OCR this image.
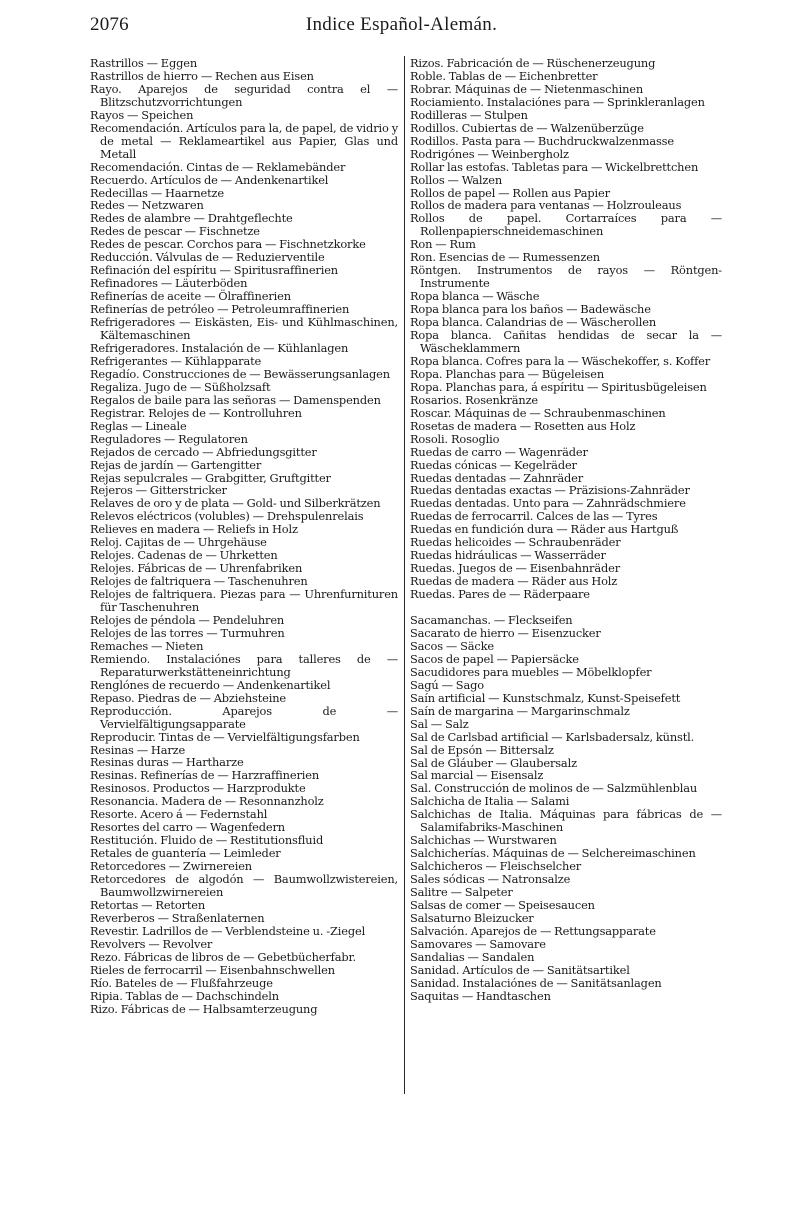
2076	Indice Español-Alemán.
Rastrillos — Eggen
Rastrillos de hierro — Rechen aus Eisen
Rayo. Aparejos de seguridad contra el — Blitzschutzvorrichtungen
Rayos — Speichen
Recomendación. Artículos para la, de papel, de vidrio y de metal — Reklameartikel aus Papier, Glas und Metall
Recomendación. Cintas de — Reklamebänder
Recuerdo. Artículos de — Andenkenartikel
Redecillas — Haarnetze
Redes — Netzwaren
Redes de alambre — Drahtgeflechte
Redes de pescar — Fischnetze
Redes de pescar. Corchos para — Fischnetzkorke
Reducción. Válvulas de — Reduzierventile
Refinación del espíritu — Spiritusraffinerien
Refinadores — Läuterböden
Refinerías de aceite — Ölraffinerien
Refinerías de petróleo — Petroleumraffinerien
Refrigeradores — Eiskästen, Eis- und Kühlmaschinen, Kältemaschinen
Refrigeradores. Instalación de — Kühlanlagen
Refrigerantes — Kühlapparate
Regadío. Construcciones de — Bewässerungsanlagen
Regaliza. Jugo de — Süßholzsaft
Regalos de baile para las señoras — Damenspenden
Registrar. Relojes de — Kontrolluhren
Reglas — Lineale
Reguladores — Regulatoren
Rejados de cercado — Abfriedungsgitter
Rejas de jardín — Gartengitter
Rejas sepulcrales — Grabgitter, Gruftgitter
Rejeros — Gitterstricker
Relaves de oro y de plata — Gold- und Silberkrätzen
Relevos eléctricos (volubles) — Drehspulenrelais
Relieves en madera — Reliefs in Holz
Reloj. Cajitas de — Uhrgehäuse
Relojes. Cadenas de — Uhrketten
Relojes. Fábricas de — Uhrenfabriken
Relojes de faltriquera — Taschenuhren
Relojes de faltriquera. Piezas para — Uhrenfurnituren für Taschenuhren
Relojes de péndola — Pendeluhren
Relojes de las torres — Turmuhren
Remaches — Nieten
Remiendo. Instalaciónes para talleres de — Reparaturwerkstätteneinrichtung
Renglónes de recuerdo — Andenkenartikel
Repaso. Piedras de — Abziehsteine
Reproducción. Aparejos de — Vervielfältigungsapparate
Reproducir. Tintas de — Vervielfältigungsfarben
Resinas — Harze
Resinas duras — Hartharze
Resinas. Refinerías de — Harzraffinerien
Resinosos. Productos — Harzprodukte
Resonancia. Madera de — Resonnanzholz
Resorte. Acero á — Federnstahl
Resortes del carro — Wagenfedern
Restitución. Fluido de — Restitutionsfluid
Retales de guantería — Leimleder
Retorcedores — Zwirnereien
Retorcedores de algodón — Baumwollzwistereien, Baumwollzwirnereien
Retortas — Retorten
Reverberos — Straßenlaternen
Revestir. Ladrillos de — Verblendsteine u. -Ziegel
Revolvers — Revolver
Rezo. Fábricas de libros de — Gebetbücherfabr.
Rieles de ferrocarril — Eisenbahnschwellen
Río. Bateles de — Flußfahrzeuge
Ripia. Tablas de — Dachschindeln
Rizo. Fábricas de — Halbsamterzeugung
Rizos. Fabricación de — Rüschenerzeugung
Roble. Tablas de — Eichenbretter
Robrar. Máquinas de — Nietenmaschinen
Rociamiento. Instalaciónes para — Sprinkleranlagen
Rodilleras — Stulpen
Rodillos. Cubiertas de — Walzenüberzüge
Rodillos. Pasta para — Buchdruckwalzenmasse
Rodrigónes — Weinbergholz
Rollar las estofas. Tabletas para — Wickelbrettchen
Rollos — Walzen
Rollos de papel — Rollen aus Papier
Rollos de madera para ventanas — Holzrouleaus
Rollos de papel. Cortarraíces para — Rollenpapierschneidemaschinen
Ron — Rum
Ron. Esencias de — Rumessenzen
Röntgen. Instrumentos de rayos — Röntgen-Instrumente
Ropa blanca — Wäsche
Ropa blanca para los baños — Badewäsche
Ropa blanca. Calandrias de — Wäscherollen
Ropa blanca. Cañitas hendidas de secar la — Wäscheklammern
Ropa blanca. Cofres para la — Wäschekoffer, s. Koffer
Ropa. Planchas para — Bügeleisen
Ropa. Planchas para, á espíritu — Spiritusbügeleisen
Rosarios. Rosenkränze
Roscar. Máquinas de — Schraubenmaschinen
Rosetas de madera — Rosetten aus Holz
Rosoli. Rosoglio
Ruedas de carro — Wagenräder
Ruedas cónicas — Kegelräder
Ruedas dentadas — Zahnräder
Ruedas dentadas exactas — Präzisions-Zahnräder
Ruedas dentadas. Unto para — Zahnrädschmiere
Ruedas de ferrocarril. Calces de las — Tyres
Ruedas en fundición dura — Räder aus Hartguß
Ruedas helicoides — Schraubenräder
Ruedas hidráulicas — Wasserräder
Ruedas. Juegos de — Eisenbahnräder
Ruedas de madera — Räder aus Holz
Ruedas. Pares de — Räderpaare
Sacamanchas. — Fleckseifen
Sacarato de hierro — Eisenzucker
Sacos — Säcke
Sacos de papel — Papiersäcke
Sacudidores para muebles — Möbelklopfer
Sagú — Sago
Saín artificial — Kunstschmalz, Kunst-Speisefett
Saín de margarina — Margarinschmalz
Sal — Salz
Sal de Carlsbad artificial — Karlsbadersalz, künstl.
Sal de Epsón — Bittersalz
Sal de Gláuber — Glaubersalz
Sal marcial — Eisensalz
Sal. Construcción de molinos de — Salzmühlenblau
Salchicha de Italia — Salami
Salchichas de Italia. Máquinas para fábricas de — Salamifabriks-Maschinen
Salchichas — Wurstwaren
Salchicherías. Máquinas de — Selchereimaschinen
Salchicheros — Fleischselcher
Sales sódicas — Natronsalze
Salitre — Salpeter
Salsas de comer — Speisesaucen
Salsaturno Bleizucker
Salvación. Aparejos de — Rettungsapparate
Samovares — Samovare
Sandalias — Sandalen
Sanidad. Artículos de — Sanitätsartikel
Sanidad. Instalaciónes de — Sanitätsanlagen
Saquitas — Handtaschen
